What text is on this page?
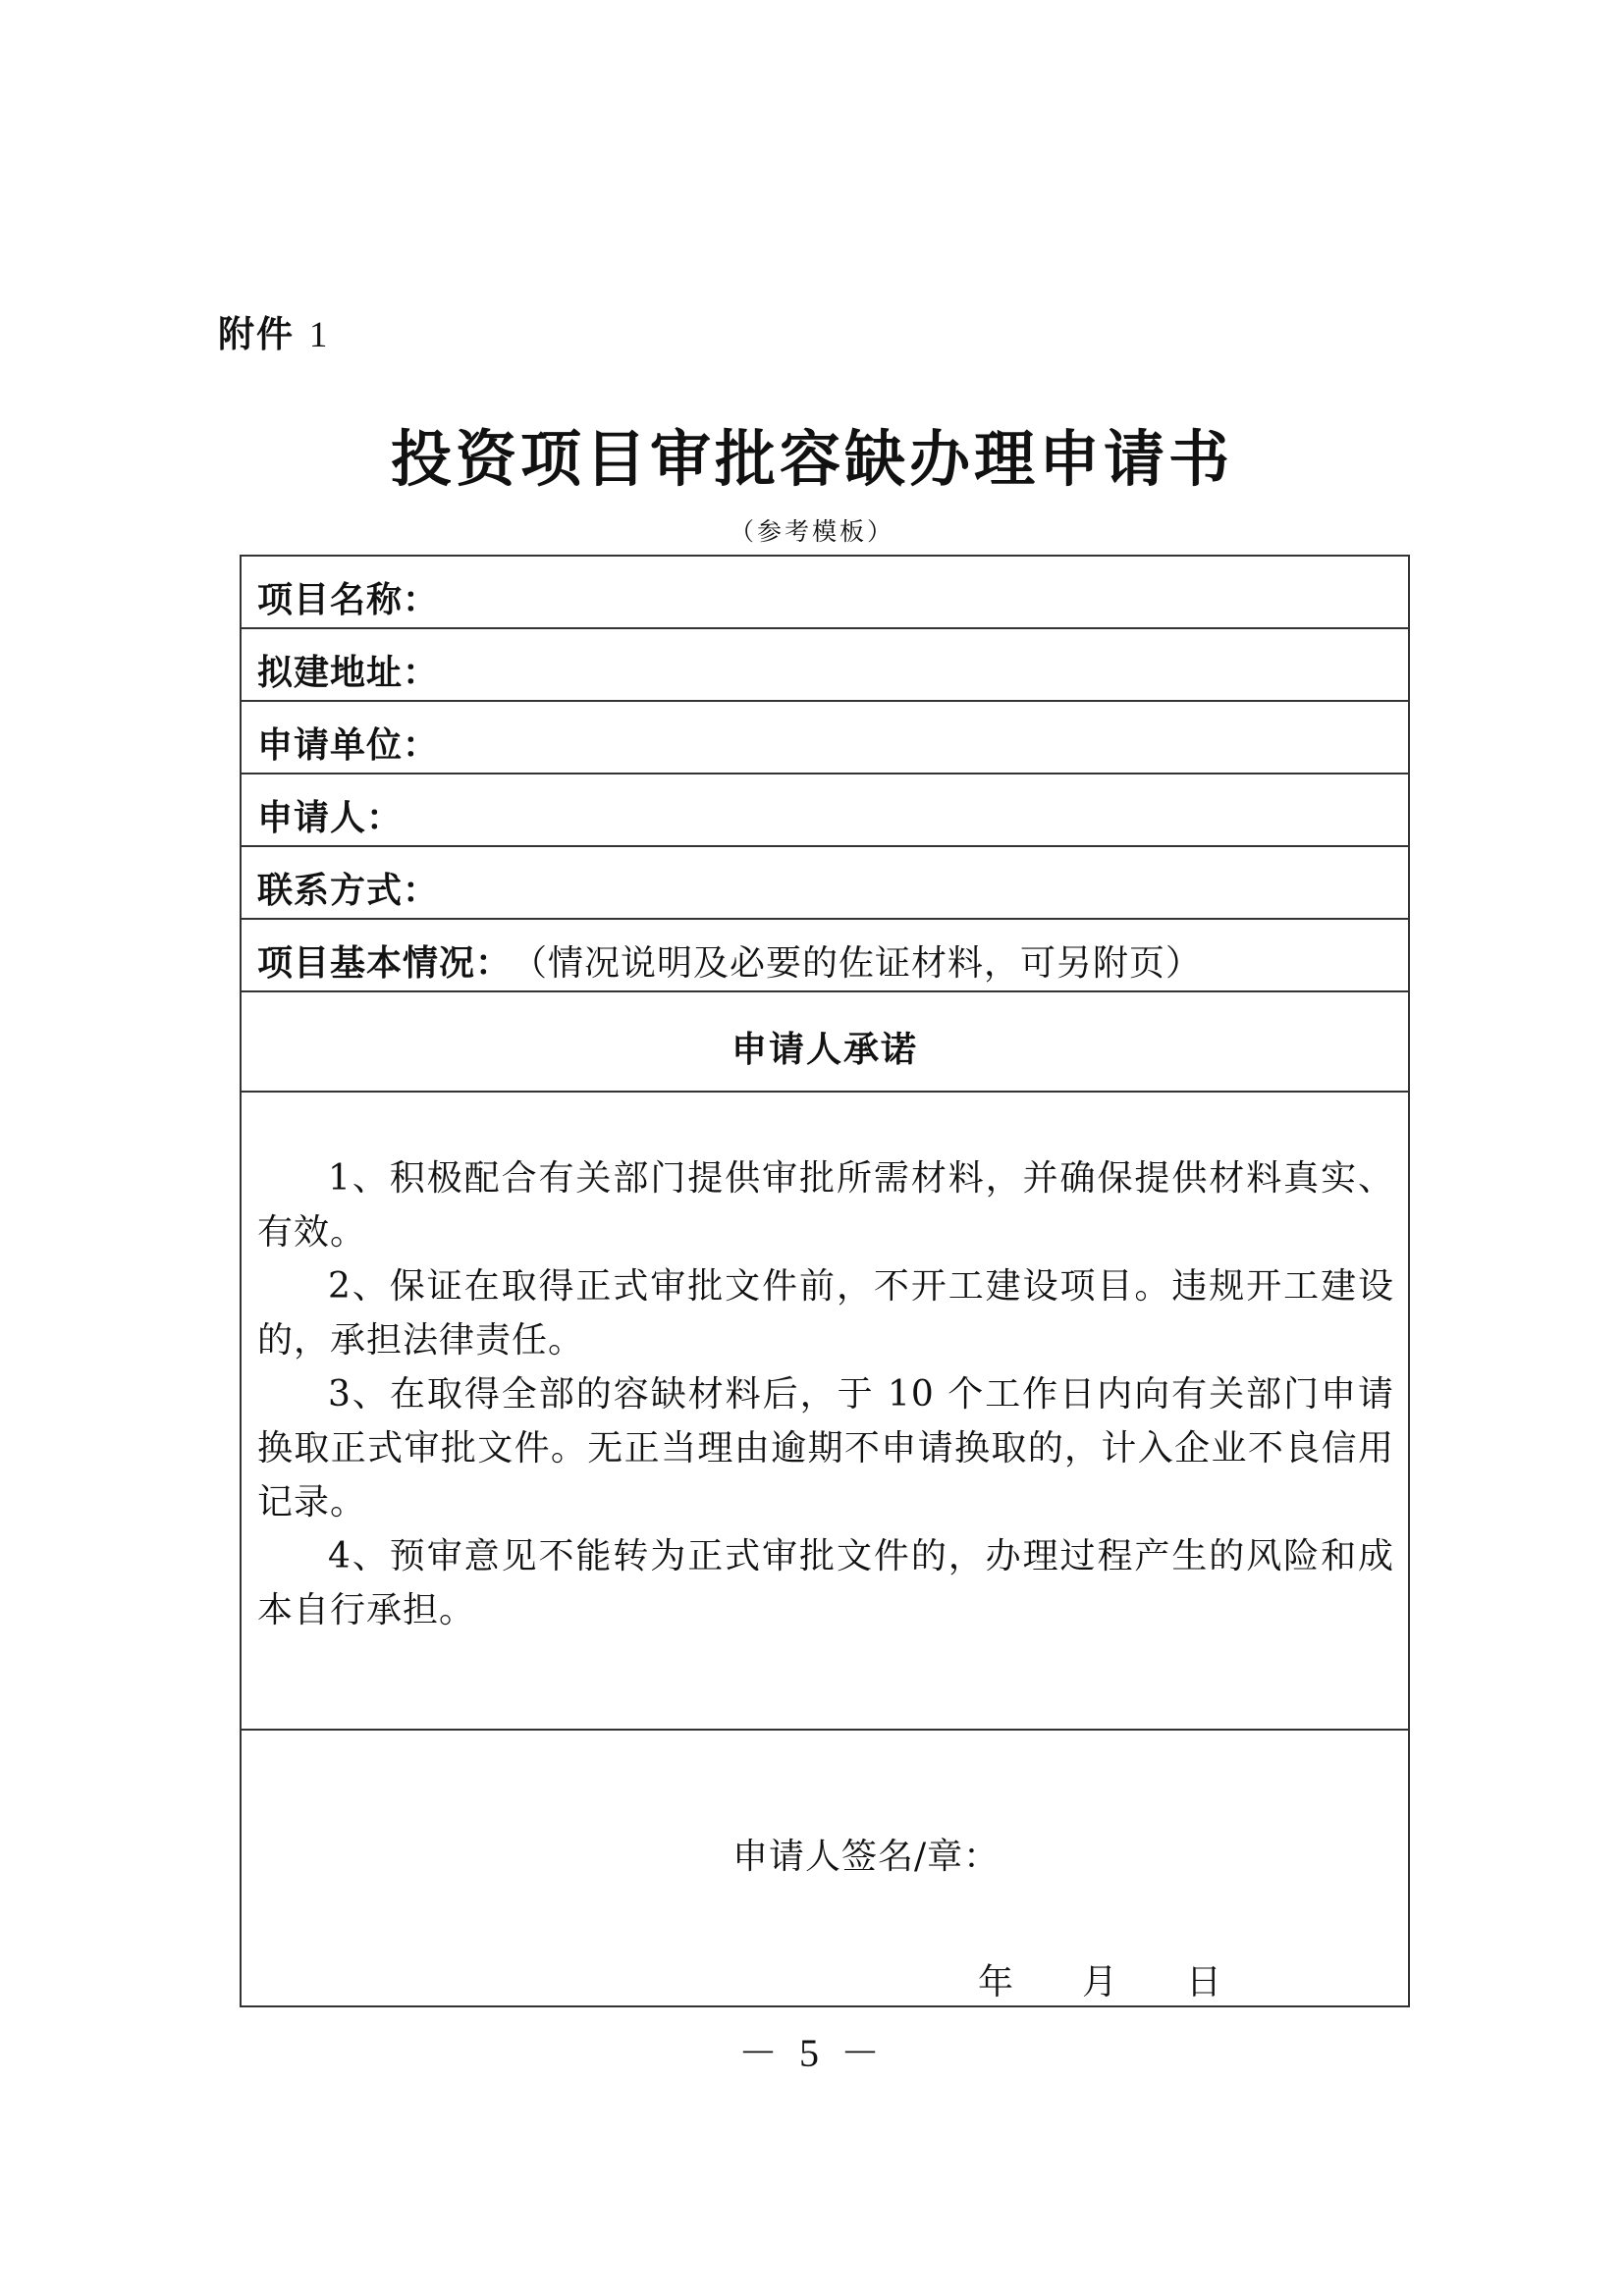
附件 1
投资项目审批容缺办理申请书
（参考模板）
项目名称：
拟建地址：
申请单位：
申请人：
联系方式：
项目基本情况： （情况说明及必要的佐证材料，可另附页）
申请人承诺

1、积极配合有关部门提供审批所需材料，并确保提供材料真实、有效。

2、保证在取得正式审批文件前，不开工建设项目。违规开工建设的，承担法律责任。

3、在取得全部的容缺材料后，于 10 个工作日内向有关部门申请换取正式审批文件。无正当理由逾期不申请换取的，计入企业不良信用记录。

4、预审意见不能转为正式审批文件的，办理过程产生的风险和成本自行承担。

申请人签名/章：
年 月 日
－ 5 －
